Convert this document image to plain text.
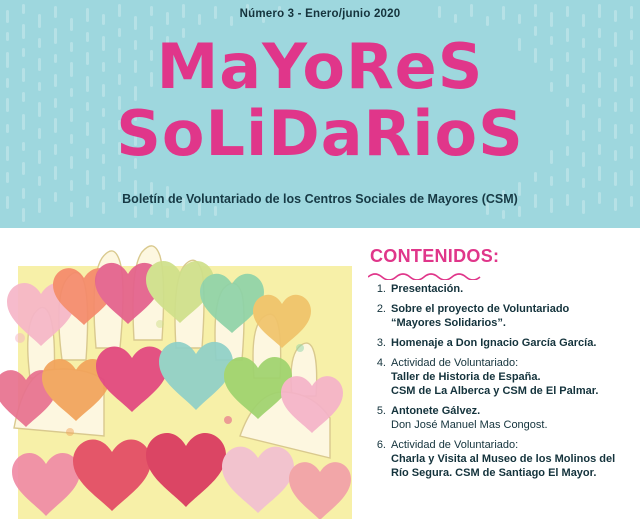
Número 3 - Enero/junio 2020
MaYoReS
SoLiDaRioS
Boletín de Voluntariado de los Centros Sociales de Mayores (CSM)
CONTENIDOS:
1. Presentación.
2. Sobre el proyecto de Voluntariado
“Mayores Solidarios”.
3. Homenaje a Don Ignacio García García.
4. Actividad de Voluntariado:
Taller de Historia de España.
CSM de La Alberca y CSM de El Palmar.
5. Antonete Gálvez.
Don José Manuel Mas Congost.
6. Actividad de Voluntariado:
Charla y Visita al Museo de los Molinos del
Río Segura. CSM de Santiago El Mayor.
